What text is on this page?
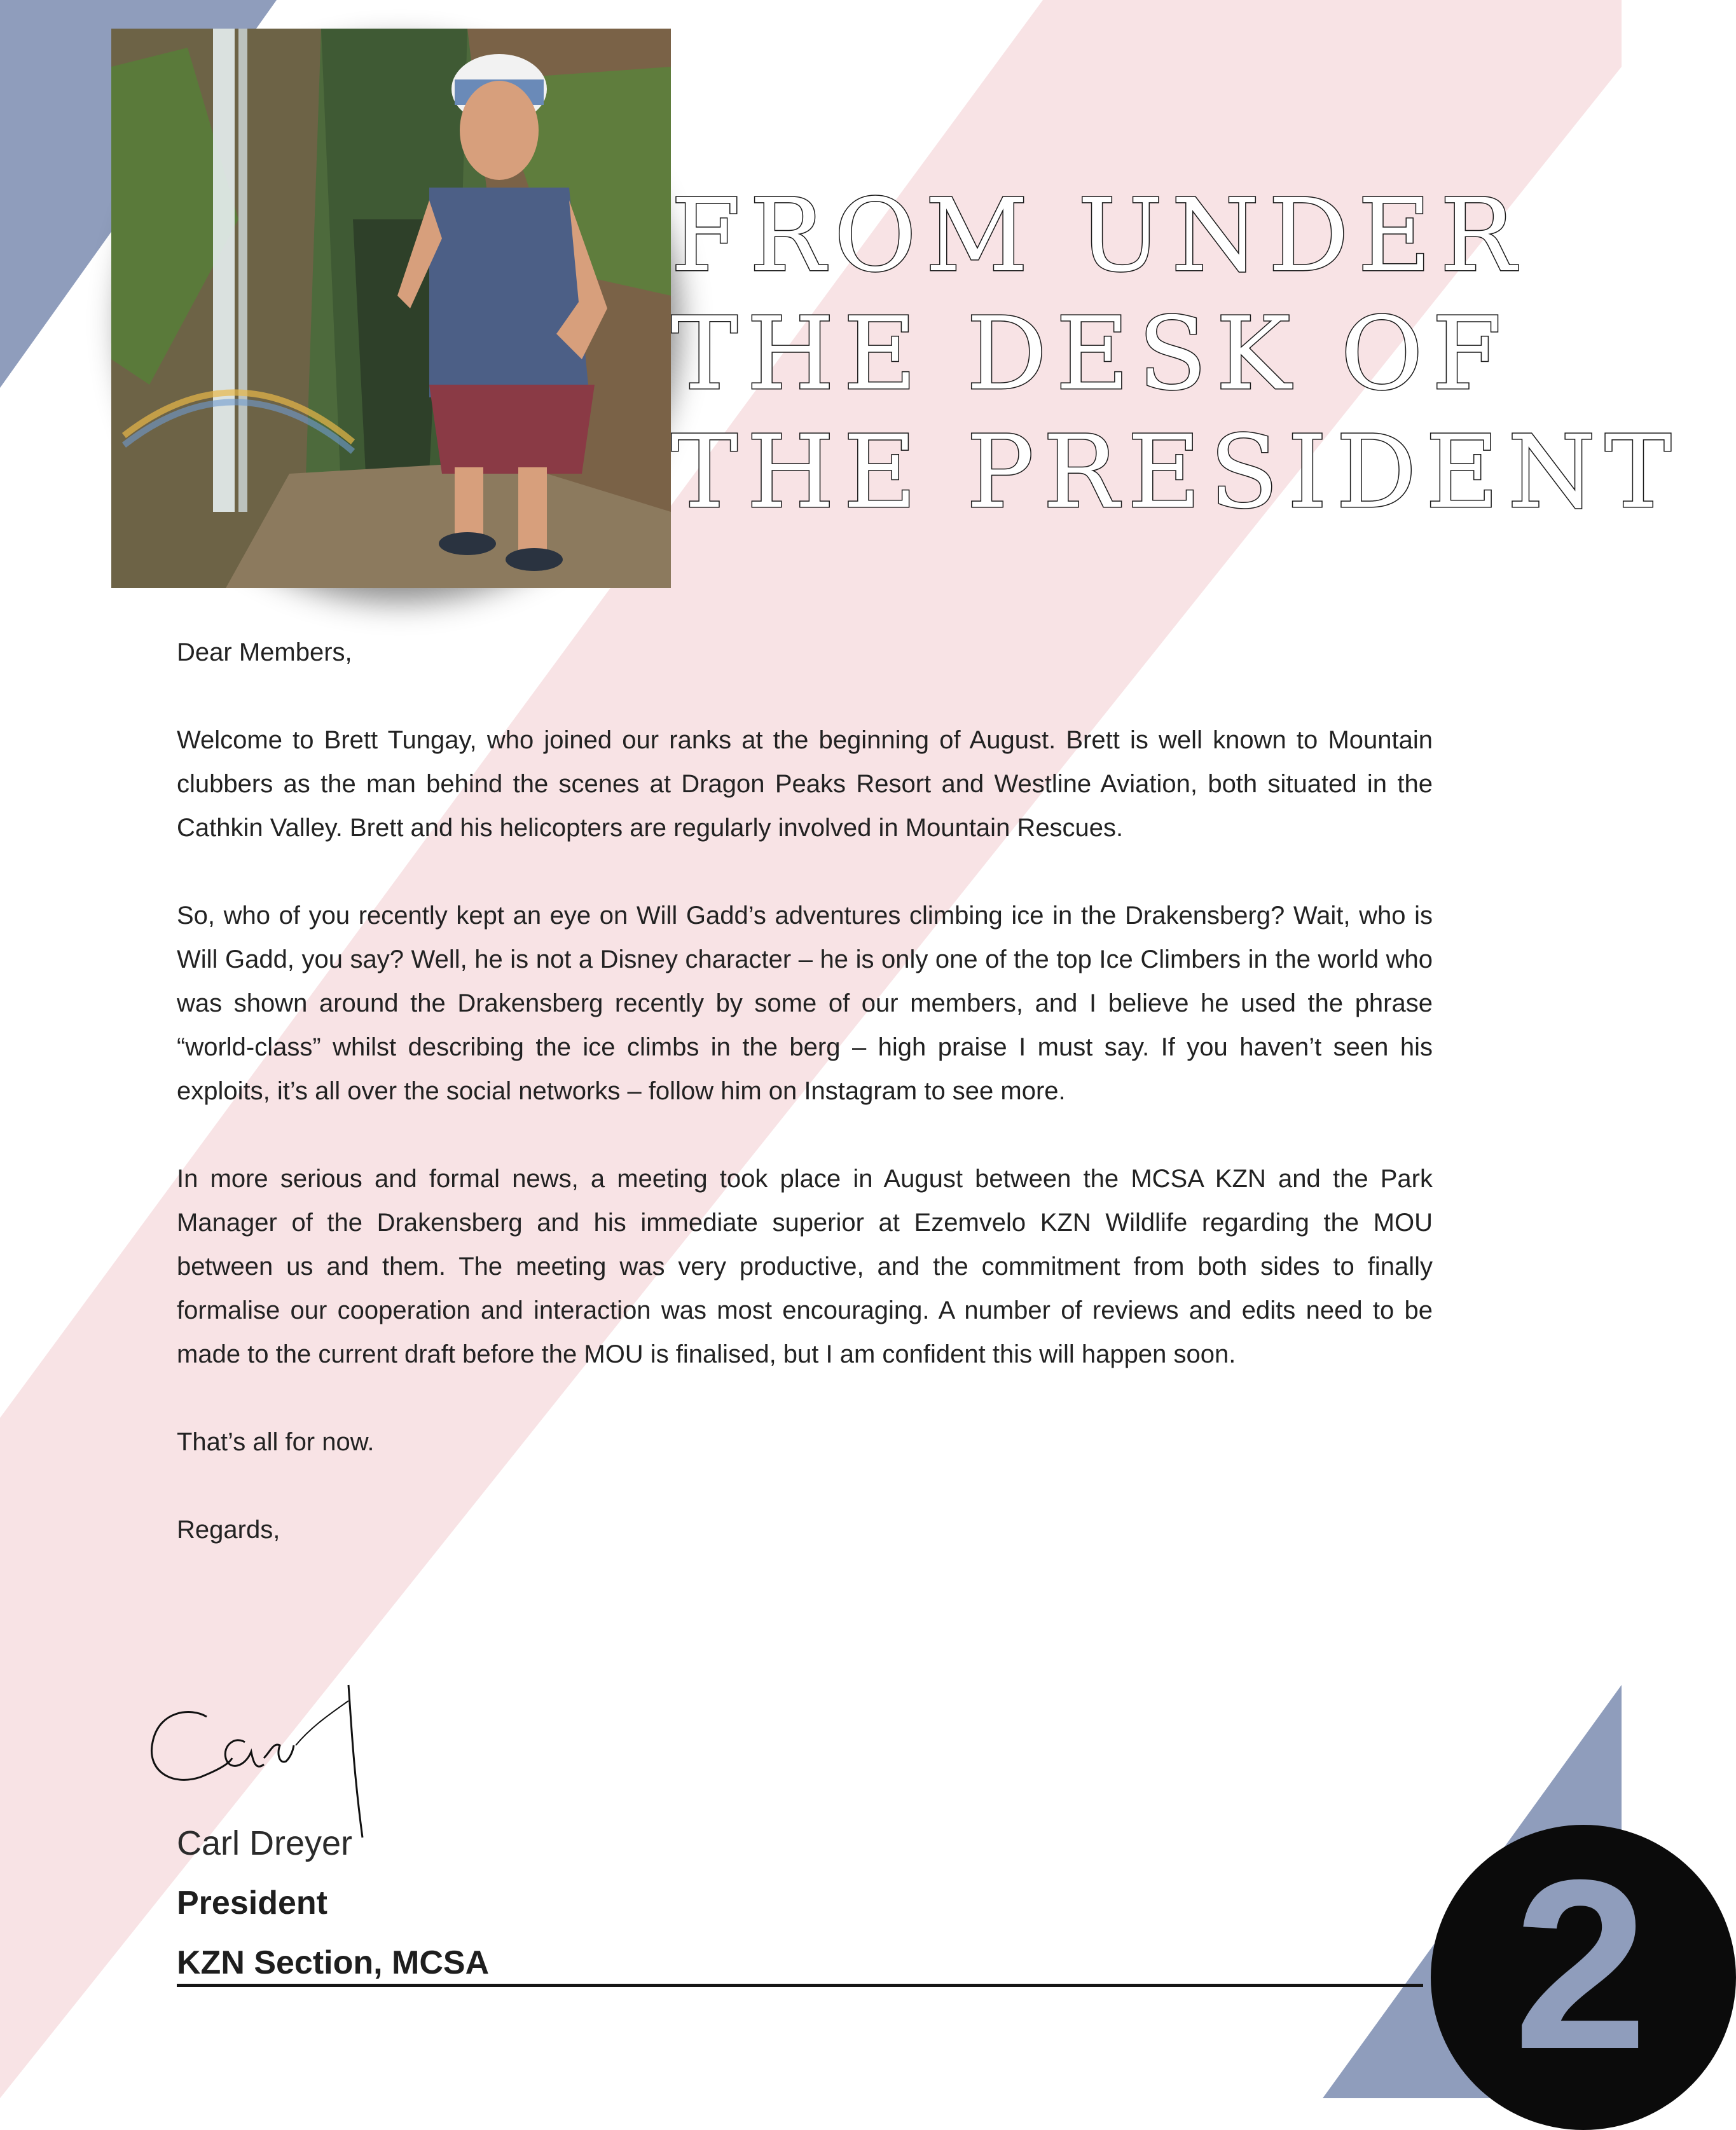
FROM UNDER
THE DESK OF
THE PRESIDENT

Dear Members,

Welcome to Brett Tungay, who joined our ranks at the beginning of August. Brett is well known to Mountain clubbers as the man behind the scenes at Dragon Peaks Resort and Westline Aviation, both situated in the Cathkin Valley. Brett and his helicopters are regularly involved in Mountain Rescues.

So, who of you recently kept an eye on Will Gadd’s adventures climbing ice in the Drakensberg? Wait, who is Will Gadd, you say? Well, he is not a Disney character – he is only one of the top Ice Climbers in the world who was shown around the Drakensberg recently by some of our members, and I believe he used the phrase “world-class” whilst describing the ice climbs in the berg – high praise I must say. If you haven’t seen his exploits, it’s all over the social networks – follow him on Instagram to see more.

In more serious and formal news, a meeting took place in August between the MCSA KZN and the Park Manager of the Drakensberg and his immediate superior at Ezemvelo KZN Wildlife regarding the MOU between us and them. The meeting was very productive, and the commitment from both sides to finally formalise our cooperation and interaction was most encouraging. A number of reviews and edits need to be made to the current draft before the MOU is finalised, but I am confident this will happen soon.

That’s all for now.

Regards,

Carl Dreyer

President

KZN Section, MCSA	2
